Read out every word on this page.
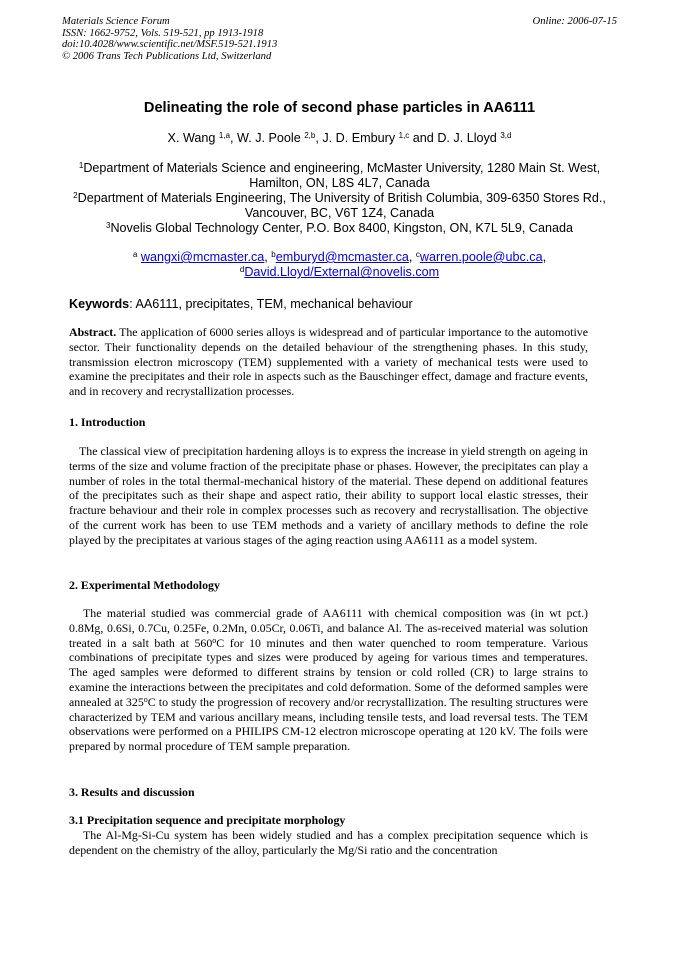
Materials Science Forum
ISSN: 1662-9752, Vols. 519-521, pp 1913-1918
doi:10.4028/www.scientific.net/MSF.519-521.1913
© 2006 Trans Tech Publications Ltd, Switzerland
Online: 2006-07-15
Delineating the role of second phase particles in AA6111
X. Wang $^{1,a}$, W. J. Poole $^{2,b}$, J. D. Embury $^{1,c}$ and D. J. Lloyd $^{3,d}$
$^1$Department of Materials Science and engineering, McMaster University, 1280 Main St. West, Hamilton, ON, L8S 4L7, Canada
$^2$Department of Materials Engineering, The University of British Columbia, 309-6350 Stores Rd., Vancouver, BC, V6T 1Z4, Canada
$^3$Novelis Global Technology Center, P.O. Box 8400, Kingston, ON, K7L 5L9, Canada
$^a$ wangxi@mcmaster.ca, $^b$emburyd@mcmaster.ca, $^c$warren.poole@ubc.ca,
$^d$David.Lloyd/External@novelis.com
Keywords: AA6111, precipitates, TEM, mechanical behaviour
Abstract. The application of 6000 series alloys is widespread and of particular importance to the automotive sector. Their functionality depends on the detailed behaviour of the strengthening phases. In this study, transmission electron microscopy (TEM) supplemented with a variety of mechanical tests were used to examine the precipitates and their role in aspects such as the Bauschinger effect, damage and fracture events, and in recovery and recrystallization processes.
1. Introduction
The classical view of precipitation hardening alloys is to express the increase in yield strength on ageing in terms of the size and volume fraction of the precipitate phase or phases. However, the precipitates can play a number of roles in the total thermal-mechanical history of the material. These depend on additional features of the precipitates such as their shape and aspect ratio, their ability to support local elastic stresses, their fracture behaviour and their role in complex processes such as recovery and recrystallisation. The objective of the current work has been to use TEM methods and a variety of ancillary methods to define the role played by the precipitates at various stages of the aging reaction using AA6111 as a model system.
2. Experimental Methodology
The material studied was commercial grade of AA6111 with chemical composition was (in wt pct.) 0.8Mg, 0.6Si, 0.7Cu, 0.25Fe, 0.2Mn, 0.05Cr, 0.06Ti, and balance Al. The as-received material was solution treated in a salt bath at 560$^o$C for 10 minutes and then water quenched to room temperature. Various combinations of precipitate types and sizes were produced by ageing for various times and temperatures. The aged samples were deformed to different strains by tension or cold rolled (CR) to large strains to examine the interactions between the precipitates and cold deformation. Some of the deformed samples were annealed at 325$^o$C to study the progression of recovery and/or recrystallization. The resulting structures were characterized by TEM and various ancillary means, including tensile tests, and load reversal tests. The TEM observations were performed on a PHILIPS CM-12 electron microscope operating at 120 kV. The foils were prepared by normal procedure of TEM sample preparation.
3. Results and discussion
3.1 Precipitation sequence and precipitate morphology
The Al-Mg-Si-Cu system has been widely studied and has a complex precipitation sequence which is dependent on the chemistry of the alloy, particularly the Mg/Si ratio and the concentration
